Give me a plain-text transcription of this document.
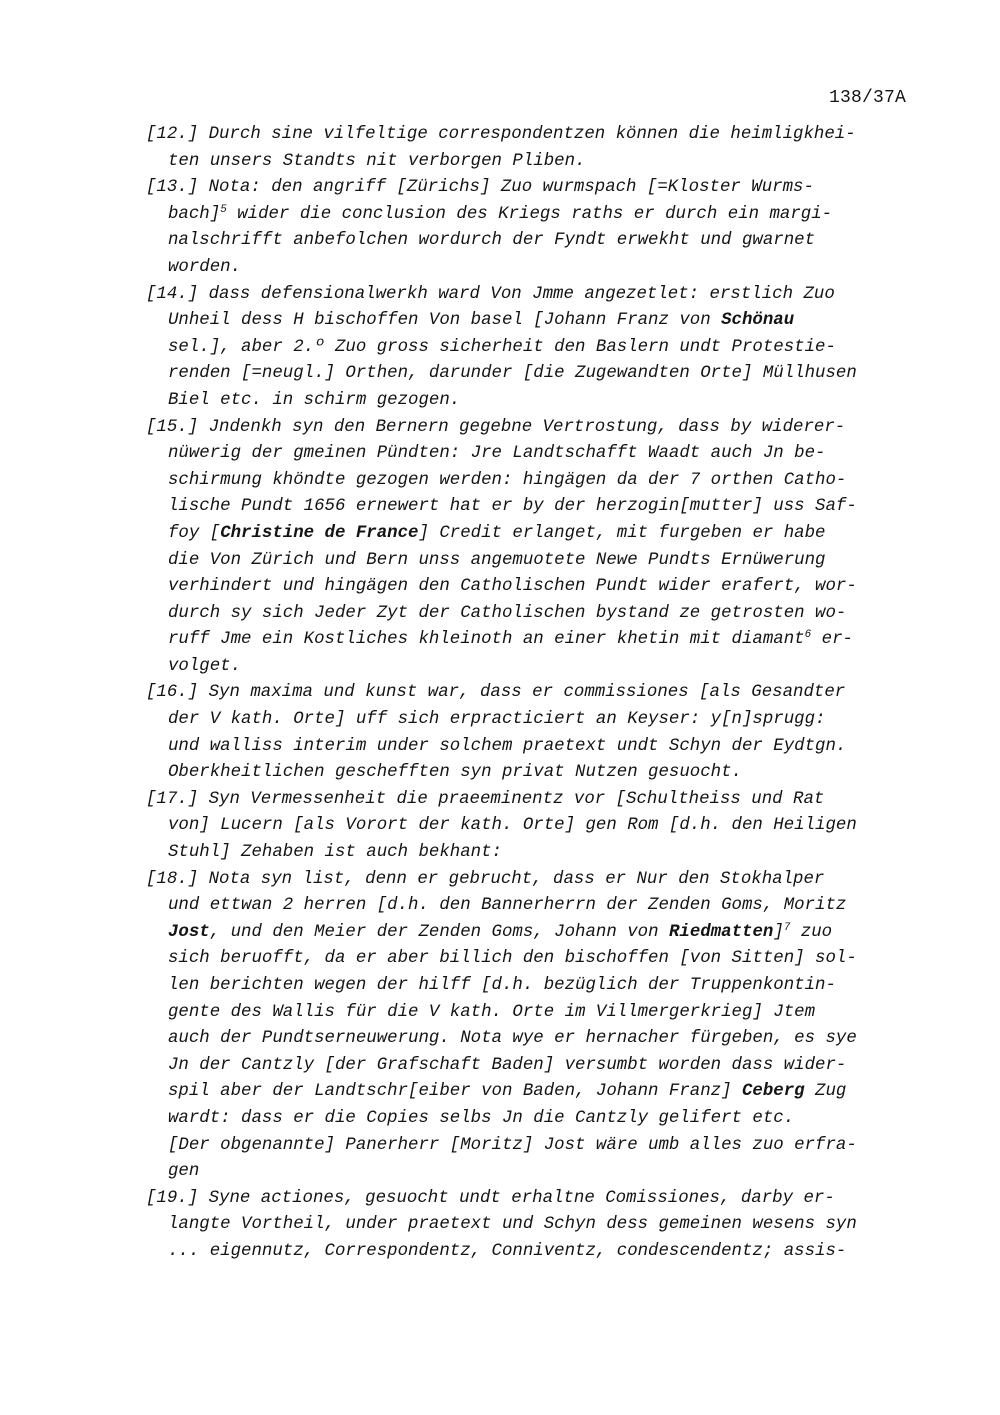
138/37A
[12.] Durch sine vilfeltige correspondentzen können die heimligkhei-
ten unsers Standts nit verborgen Pliben.
[13.] Nota: den angriff [Zürichs] Zuo wurmspach [=Kloster Wurms-
bach]$^5$ wider die conclusion des Kriegs raths er durch ein margi-
nalschrifft anbefolchen wordurch der Fyndt erwekht und gwarnet
worden.
[14.] dass defensionalwerkh ward Von Jmme angezetlet: erstlich Zuo
Unheil dess H bischoffen Von basel [Johann Franz von Schönau
sel.], aber 2.º Zuo gross sicherheit den Baslern undt Protestie-
renden [=neugl.] Orthen, darunder [die Zugewandten Orte] Müllhusen
Biel etc. in schirm gezogen.
[15.] Jndenkh syn den Bernern gegebne Vertrostung, dass by widerer-
nüwerig der gmeinen Pündten: Jre Landtschafft Waadt auch Jn be-
schirmung khöndte gezogen werden: hingägen da der 7 orthen Catho-
lische Pundt 1656 ernewert hat er by der herzogin[mutter] uss Saf-
foy [Christine de France] Credit erlanget, mit furgeben er habe
die Von Zürich und Bern unss angemuotete Newe Pundts Ernüwerung
verhindert und hingägen den Catholischen Pundt wider erafert, wor-
durch sy sich Jeder Zyt der Catholischen bystand ze getrosten wo-
ruff Jme ein Kostliches khleinoth an einer khetin mit diamant$^6$ er-
volget.
[16.] Syn maxima und kunst war, dass er commissiones [als Gesandter
der V kath. Orte] uff sich erpracticiert an Keyser: y[n]sprugg:
und walliss interim under solchem praetext undt Schyn der Eydtgn.
Oberkheitlichen geschefften syn privat Nutzen gesuocht.
[17.] Syn Vermessenheit die praeeminentz vor [Schultheiss und Rat
von] Lucern [als Vorort der kath. Orte] gen Rom [d.h. den Heiligen
Stuhl] Zehaben ist auch bekhant:
[18.] Nota syn list, denn er gebrucht, dass er Nur den Stokhalper
und ettwan 2 herren [d.h. den Bannerherrn der Zenden Goms, Moritz
Jost, und den Meier der Zenden Goms, Johann von Riedmatten]$^7$ zuo
sich beruofft, da er aber billich den bischoffen [von Sitten] sol-
len berichten wegen der hilff [d.h. bezüglich der Truppenkontin-
gente des Wallis für die V kath. Orte im Villmergerkrieg] Jtem
auch der Pundtserneuwerung. Nota wye er hernacher fürgeben, es sye
Jn der Cantzly [der Grafschaft Baden] versumbt worden dass wider-
spil aber der Landtschr[eiber von Baden, Johann Franz] Ceberg Zug
wardt: dass er die Copies selbs Jn die Cantzly gelifert etc.
[Der obgenannte] Panerherr [Moritz] Jost wäre umb alles zuo erfra-
gen
[19.] Syne actiones, gesuocht undt erhaltne Comissiones, darby er-
langte Vortheil, under praetext und Schyn dess gemeinen wesens syn
... eigennutz, Correspondentz, Conniventz, condescendentz; assis-
